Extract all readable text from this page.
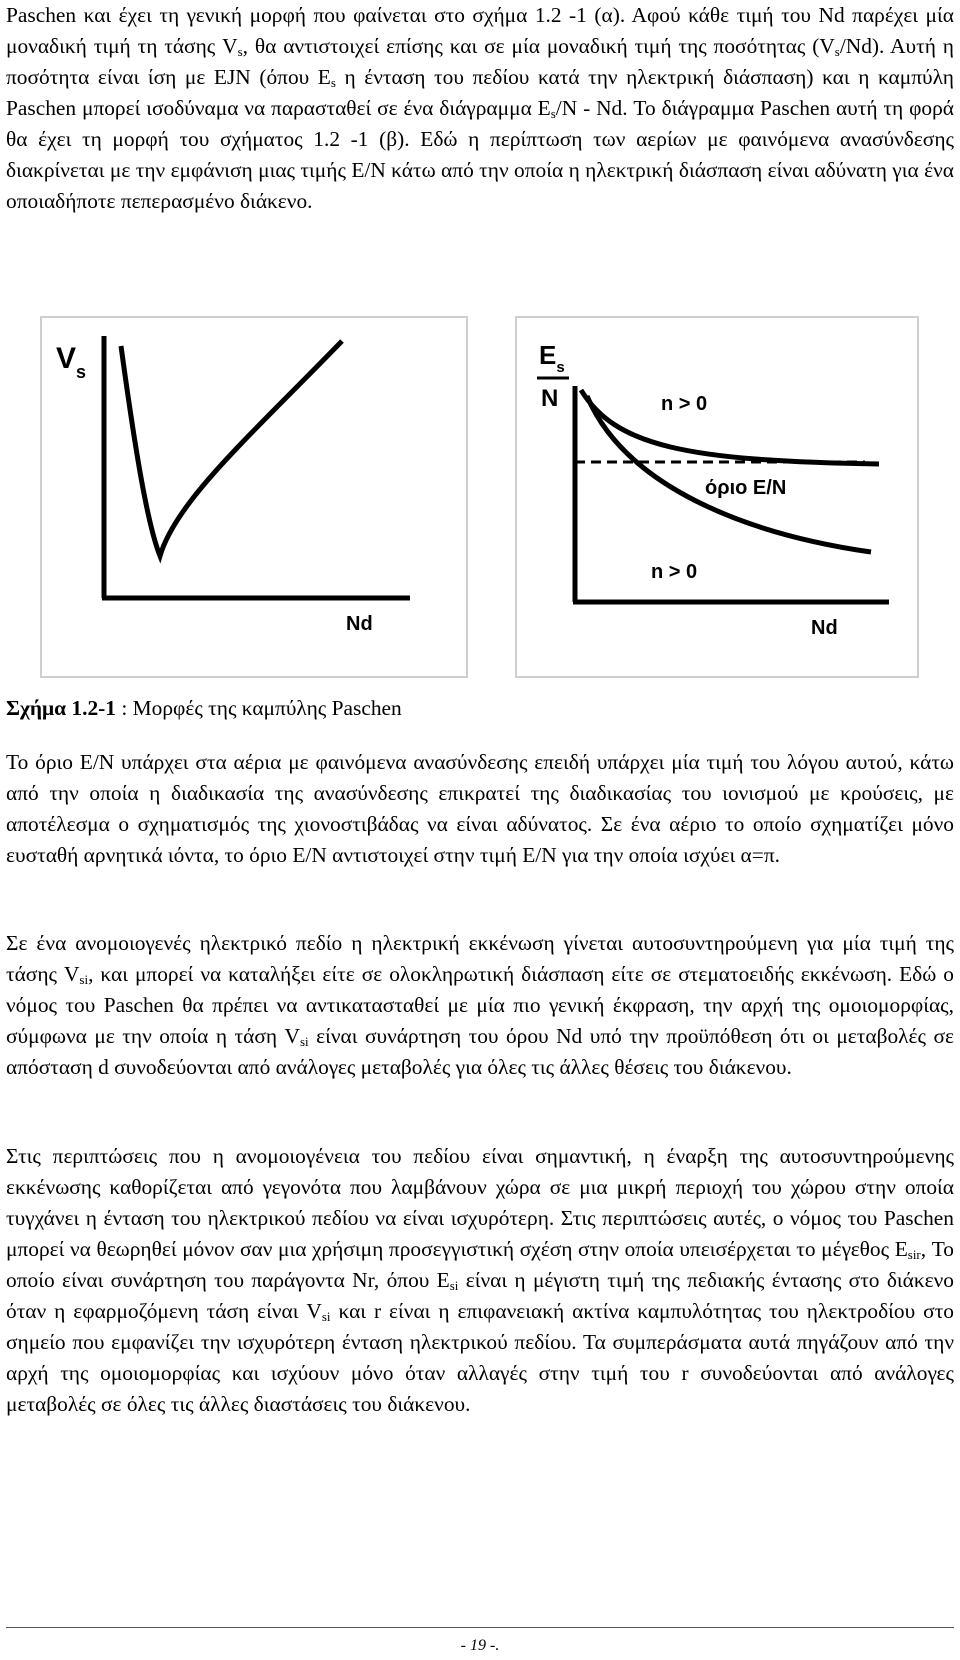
Paschen και έχει τη γενική μορφή που φαίνεται στο σχήμα 1.2 -1 (α). Αφού κάθε τιμή του Nd παρέχει μία μοναδική τιμή τη τάσης $V_s$, θα αντιστοιχεί επίσης και σε μία μοναδική τιμή της ποσότητας $(V_s/Nd)$. Αυτή η ποσότητα είναι ίση με EJN (όπου $E_s$ η ένταση του πεδίου κατά την ηλεκτρική διάσπαση) και η καμπύλη Paschen μπορεί ισοδύναμα να παρασταθεί σε ένα διάγραμμα $E_s/N$ - Nd. Το διάγραμμα Paschen αυτή τη φορά θα έχει τη μορφή του σχήματος 1.2 -1 (β). Εδώ η περίπτωση των αερίων με φαινόμενα ανασύνδεσης διακρίνεται με την εμφάνιση μιας τιμής E/N κάτω από την οποία η ηλεκτρική διάσπαση είναι αδύνατη για ένα οποιαδήποτε πεπερασμένο διάκενο.

$V_s$
Nd
$E_s$
N	n > 0
όριο E/N
n > 0
Nd

Σχήμα 1.2-1 : Μορφές της καμπύλης Paschen

Το όριο E/N υπάρχει στα αέρια με φαινόμενα ανασύνδεσης επειδή υπάρχει μία τιμή του λόγου αυτού, κάτω από την οποία η διαδικασία της ανασύνδεσης επικρατεί της διαδικασίας του ιονισμού με κρούσεις, με αποτέλεσμα ο σχηματισμός της χιονοστιβάδας να είναι αδύνατος. Σε ένα αέριο το οποίο σχηματίζει μόνο ευσταθή αρνητικά ιόντα, το όριο E/N αντιστοιχεί στην τιμή E/N για την οποία ισχύει α=π.

Σε ένα ανομοιογενές ηλεκτρικό πεδίο η ηλεκτρική εκκένωση γίνεται αυτοσυντηρούμενη για μία τιμή της τάσης $V_{si}$, και μπορεί να καταλήξει είτε σε ολοκληρωτική διάσπαση είτε σε στεματοειδής εκκένωση. Εδώ ο νόμος του Paschen θα πρέπει να αντικατασταθεί με μία πιο γενική έκφραση, την αρχή της ομοιομορφίας, σύμφωνα με την οποία η τάση $V_{si}$ είναι συνάρτηση του όρου Nd υπό την προϋπόθεση ότι οι μεταβολές σε απόσταση d συνοδεύονται από ανάλογες μεταβολές για όλες τις άλλες θέσεις του διάκενου.

Στις περιπτώσεις που η ανομοιογένεια του πεδίου είναι σημαντική, η έναρξη της αυτοσυντηρούμενης εκκένωσης καθορίζεται από γεγονότα που λαμβάνουν χώρα σε μια μικρή περιοχή του χώρου στην οποία τυγχάνει η ένταση του ηλεκτρικού πεδίου να είναι ισχυρότερη. Στις περιπτώσεις αυτές, ο νόμος του Paschen μπορεί να θεωρηθεί μόνον σαν μια χρήσιμη προσεγγιστική σχέση στην οποία υπεισέρχεται το μέγεθος $E_{sir}$, Το οποίο είναι συνάρτηση του παράγοντα Nr, όπου $E_{si}$ είναι η μέγιστη τιμή της πεδιακής έντασης στο διάκενο όταν η εφαρμοζόμενη τάση είναι $V_{si}$ και r είναι η επιφανειακή ακτίνα καμπυλότητας του ηλεκτροδίου στο σημείο που εμφανίζει την ισχυρότερη ένταση ηλεκτρικού πεδίου. Τα συμπεράσματα αυτά πηγάζουν από την αρχή της ομοιομορφίας και ισχύουν μόνο όταν αλλαγές στην τιμή του r συνοδεύονται από ανάλογες μεταβολές σε όλες τις άλλες διαστάσεις του διάκενου.

- 19 -.
